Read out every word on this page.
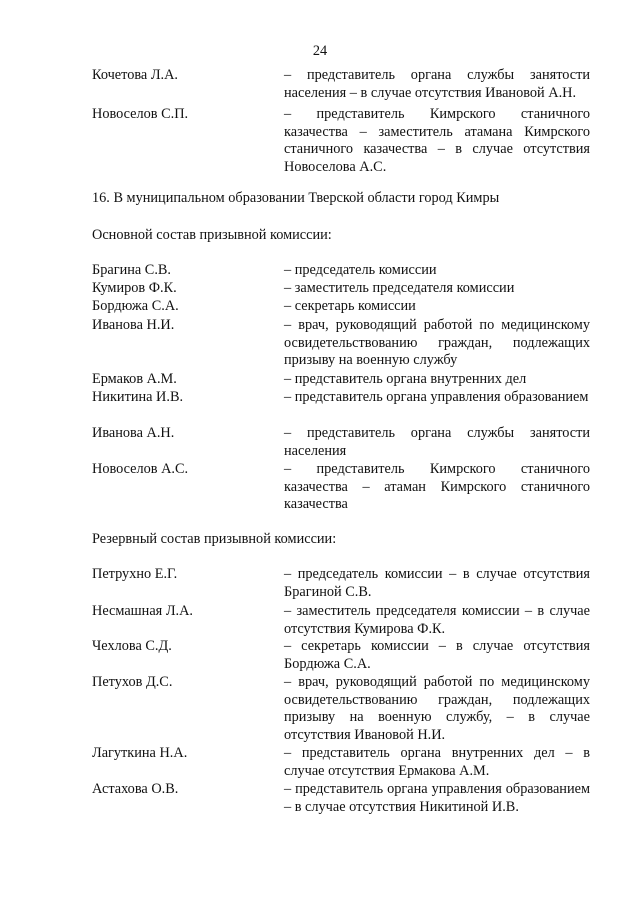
24
Кочетова Л.А.	– представитель органа службы занятости населения – в случае отсутствия Ивановой А.Н.
Новоселов С.П.	– представитель Кимрского станичного казачества – заместитель атамана Кимрского станичного казачества – в случае отсутствия Новоселова А.С.
16. В муниципальном образовании Тверской области город Кимры
Основной состав призывной комиссии:
Брагина С.В.	– председатель комиссии
Кумиров Ф.К.	– заместитель председателя комиссии
Бордюжа С.А.	– секретарь комиссии
Иванова Н.И.	– врач, руководящий работой по медицинскому освидетельствованию граждан, подлежащих призыву на военную службу
Ермаков А.М.	– представитель органа внутренних дел
Никитина И.В.	– представитель органа управления образованием
Иванова А.Н.	– представитель органа службы занятости населения
Новоселов А.С.	– представитель Кимрского станичного казачества – атаман Кимрского станичного казачества
Резервный состав призывной комиссии:
Петрухно Е.Г.	– председатель комиссии – в случае отсутствия Брагиной С.В.
Несмашная Л.А.	– заместитель председателя комиссии – в случае отсутствия Кумирова Ф.К.
Чехлова С.Д.	– секретарь комиссии – в случае отсутствия Бордюжа С.А.
Петухов Д.С.	– врач, руководящий работой по медицинскому освидетельствованию граждан, подлежащих призыву на военную службу, – в случае отсутствия Ивановой Н.И.
Лагуткина Н.А.	– представитель органа внутренних дел – в случае отсутствия Ермакова А.М.
Астахова О.В.	– представитель органа управления образованием – в случае отсутствия Никитиной И.В.
